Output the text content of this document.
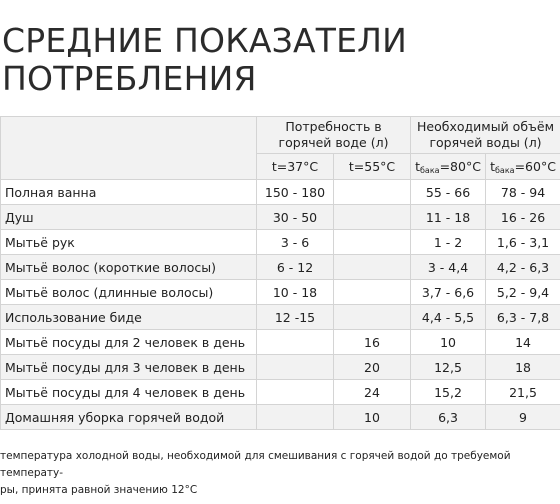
СРЕДНИЕ ПОКАЗАТЕЛИ
ПОТРЕБЛЕНИЯ
	Потребность в горячей воде (л)		Необходимый объём горячей воды (л)	
	t=37°С	t=55°С	$t_{бака}=80^\circ С$	$t_{бака}=60^\circ С$
Полная ванна	150 - 180		55 - 66	78 - 94
Душ	30 - 50		11 - 18	16 - 26
Мытьё рук	3 - 6		1 - 2	1,6 - 3,1
Мытьё волос (короткие волосы)	6 - 12		3 - 4,4	4,2 - 6,3
Мытьё волос (длинные волосы)	10 - 18		3,7 - 6,6	5,2 - 9,4
Использование биде	12 -15		4,4 - 5,5	6,3 - 7,8
Мытьё посуды для 2 человек в день		16	10	14
Мытьё посуды для 3 человек в день		20	12,5	18
Мытьё посуды для 4 человек в день		24	15,2	21,5
Домашняя уборка горячей водой		10	6,3	9
температура холодной воды, необходимой для смешивания с горячей водой до требуемой температу-
ры, принята равной значению 12°С
